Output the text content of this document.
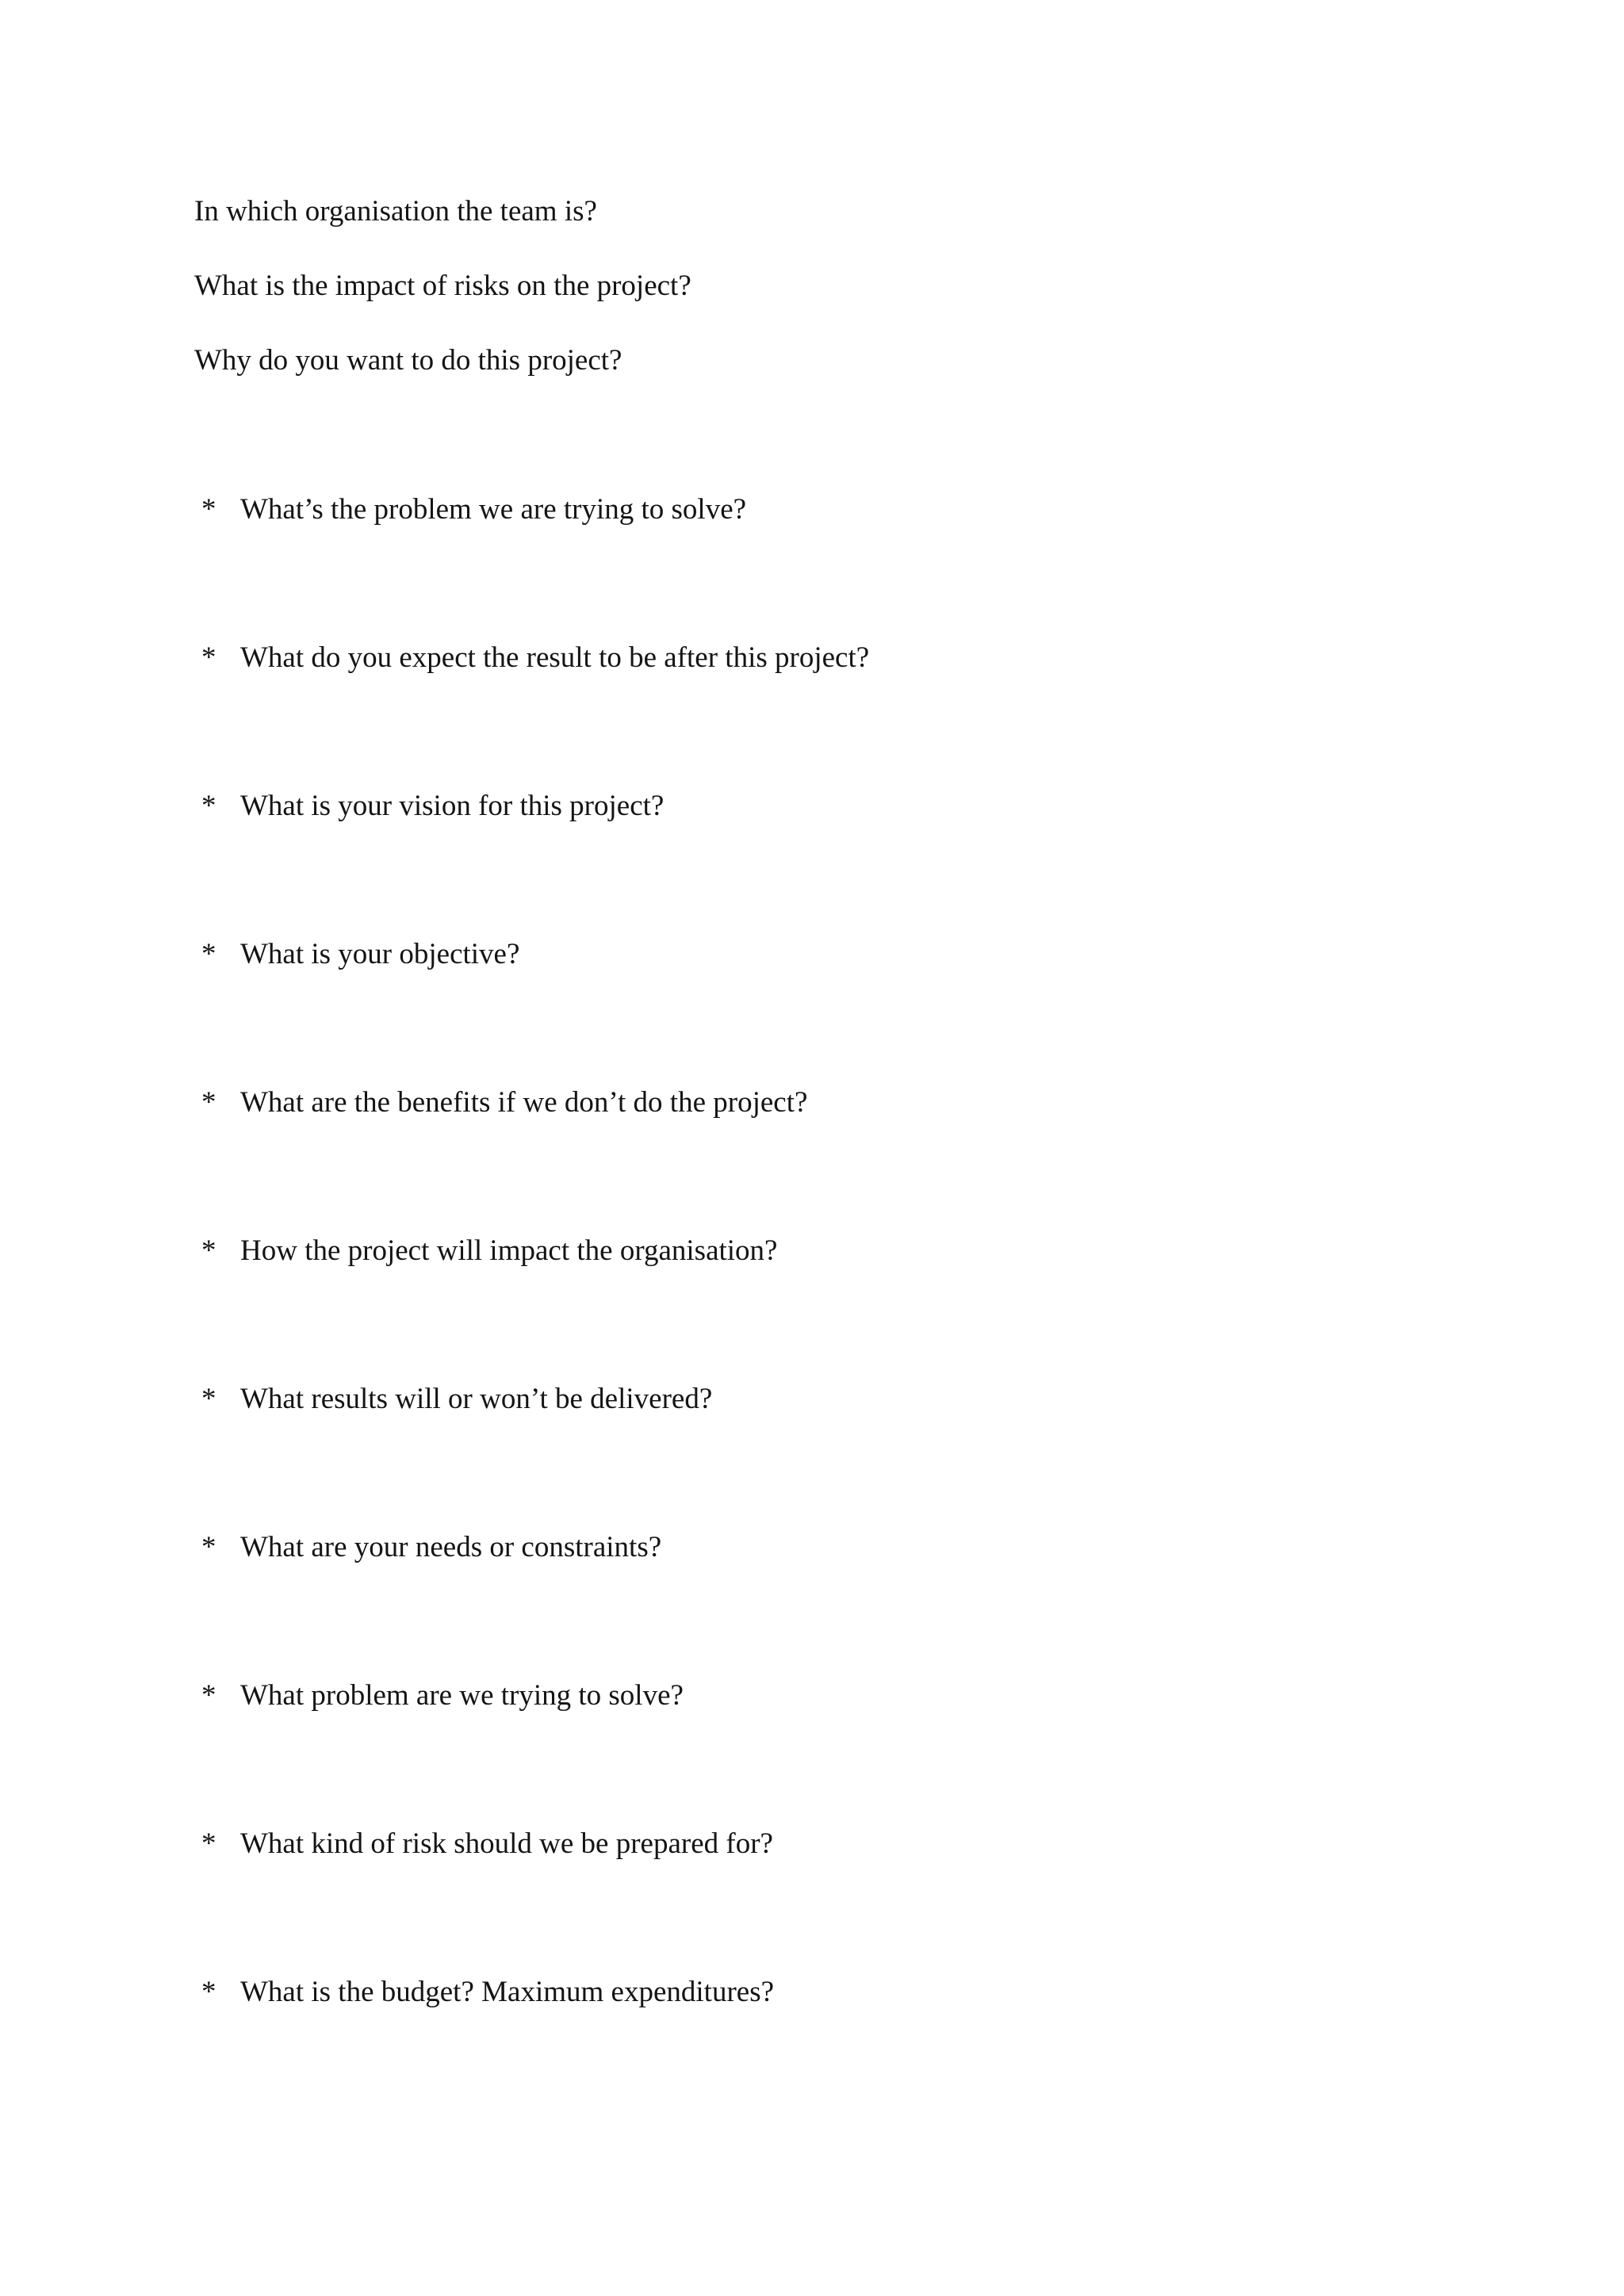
In which organisation the team is?
What is the impact of risks on the project?
Why do you want to do this project?
* What’s the problem we are trying to solve?
* What do you expect the result to be after this project?
* What is your vision for this project?
* What is your objective?
* What are the benefits if we don’t do the project?
* How the project will impact the organisation?
* What results will or won’t be delivered?
* What are your needs or constraints?
* What problem are we trying to solve?
* What kind of risk should we be prepared for?
* What is the budget? Maximum expenditures?
